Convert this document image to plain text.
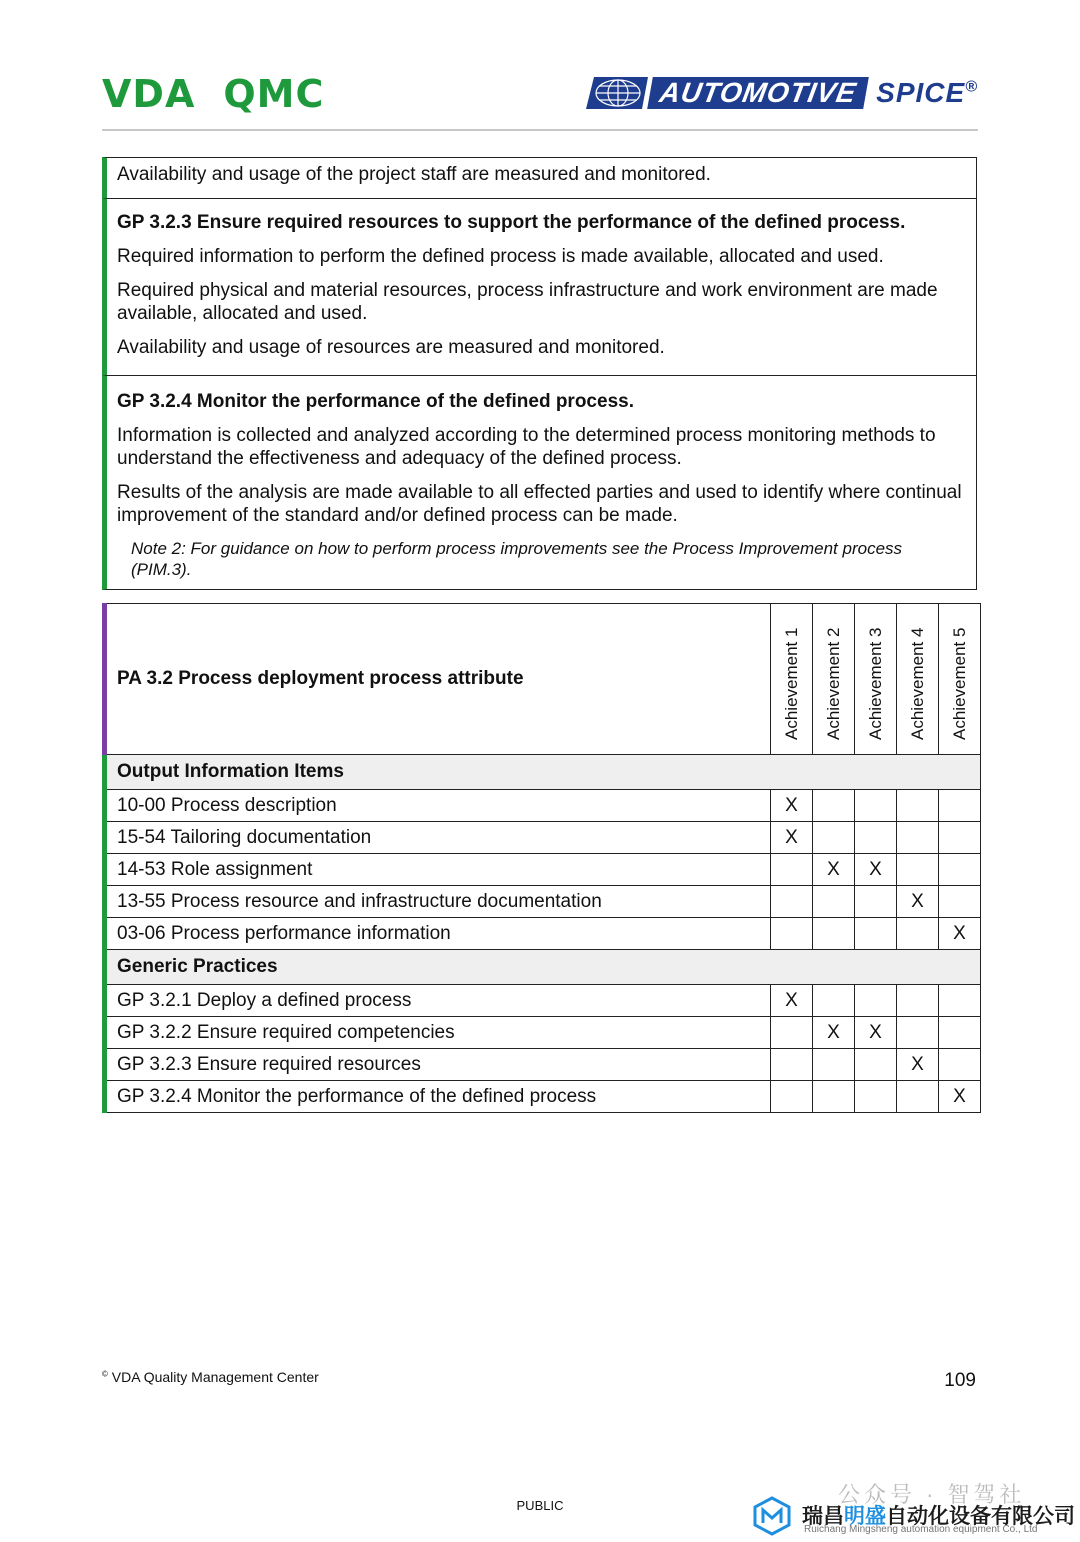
VDA QMC	AUTOMOTIVE SPICE®

Availability and usage of the project staff are measured and monitored.

GP 3.2.3 Ensure required resources to support the performance of the defined process.

Required information to perform the defined process is made available, allocated and used.

Required physical and material resources, process infrastructure and work environment are made available, allocated and used.

Availability and usage of resources are measured and monitored.

GP 3.2.4 Monitor the performance of the defined process.

Information is collected and analyzed according to the determined process monitoring methods to understand the effectiveness and adequacy of the defined process.

Results of the analysis are made available to all effected parties and used to identify where continual improvement of the standard and/or defined process can be made.

Note 2: For guidance on how to perform process improvements see the Process Improvement process (PIM.3).

PA 3.2 Process deployment process attribute	Achievement 1	Achievement 2	Achievement 3	Achievement 4	Achievement 5

Output Information Items					
10-00 Process description	X				
15-54 Tailoring documentation	X				
14-53 Role assignment		X	X		
13-55 Process resource and infrastructure documentation				X	
03-06 Process performance information					X
Generic Practices					
GP 3.2.1 Deploy a defined process	X				
GP 3.2.2 Ensure required competencies		X	X		
GP 3.2.3 Ensure required resources				X	
GP 3.2.4 Monitor the performance of the defined process					X
© VDA Quality Management Center	109
PUBLIC	公众号 · 智驾社
瑞昌明盛自动化设备有限公司
Ruichang Mingsheng automation equipment Co., Ltd
